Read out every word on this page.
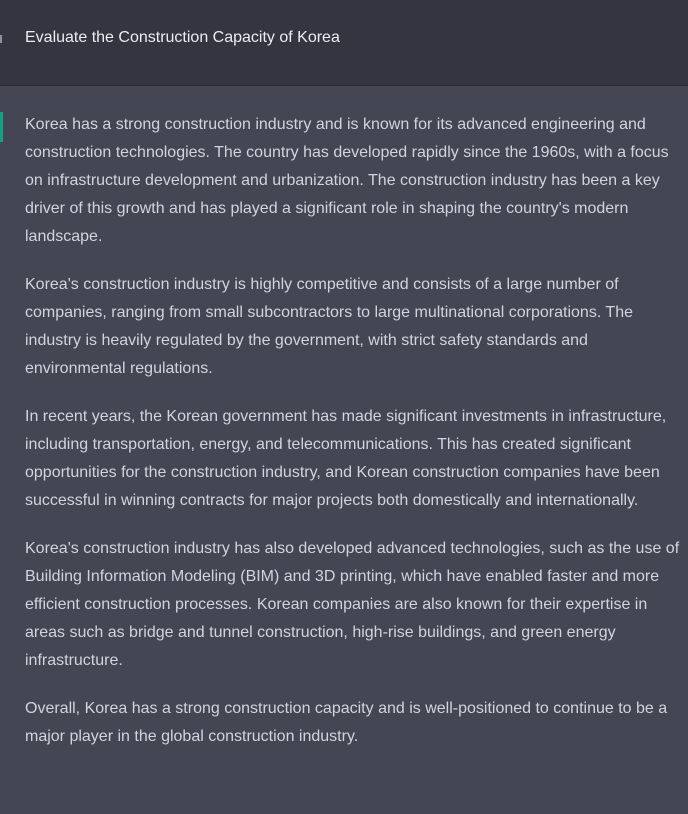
Evaluate the Construction Capacity of Korea

Korea has a strong construction industry and is known for its advanced engineering and construction technologies. The country has developed rapidly since the 1960s, with a focus on infrastructure development and urbanization. The construction industry has been a key driver of this growth and has played a significant role in shaping the country's modern landscape.

Korea's construction industry is highly competitive and consists of a large number of companies, ranging from small subcontractors to large multinational corporations. The industry is heavily regulated by the government, with strict safety standards and environmental regulations.

In recent years, the Korean government has made significant investments in infrastructure, including transportation, energy, and telecommunications. This has created significant opportunities for the construction industry, and Korean construction companies have been successful in winning contracts for major projects both domestically and internationally.

Korea's construction industry has also developed advanced technologies, such as the use of Building Information Modeling (BIM) and 3D printing, which have enabled faster and more efficient construction processes. Korean companies are also known for their expertise in areas such as bridge and tunnel construction, high-rise buildings, and green energy infrastructure.

Overall, Korea has a strong construction capacity and is well-positioned to continue to be a major player in the global construction industry.
